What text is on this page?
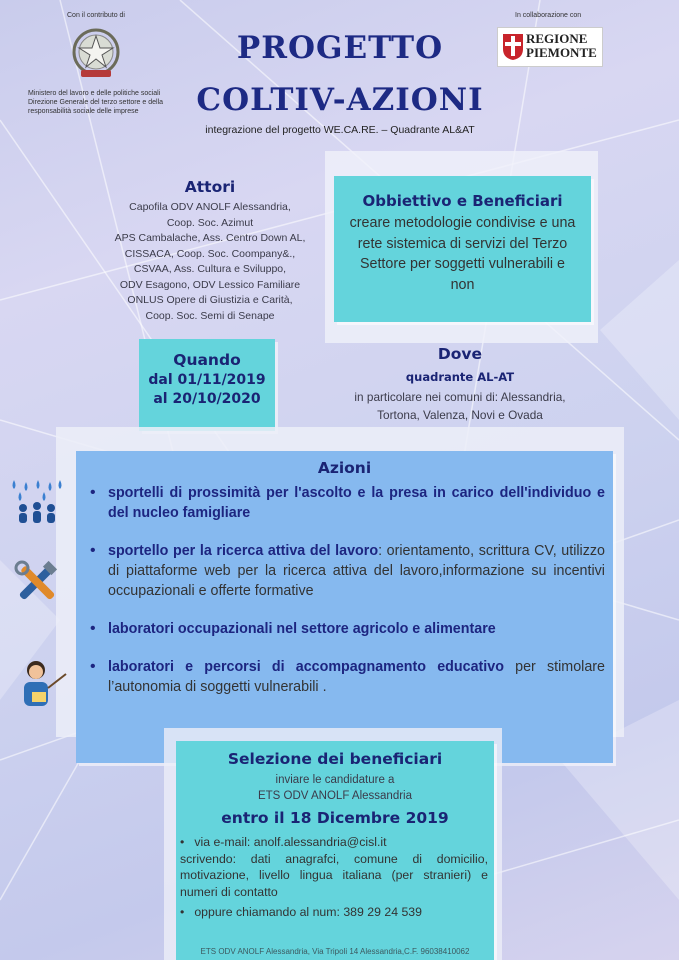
Con il contributo di
Ministero del lavoro e delle politiche sociali
Direzione Generale del terzo settore e della
responsabilità sociale delle imprese
In collaborazione con
REGIONE
PIEMONTE
PROGETTO
COLTIV-AZIONI
integrazione del progetto WE.CA.RE. – Quadrante AL&AT
Attori
Capofila ODV ANOLF Alessandria,
Coop. Soc. Azimut
APS Cambalache, Ass. Centro Down AL,
CISSACA, Coop. Soc. Coompany&.,
CSVAA, Ass. Cultura e Sviluppo,
ODV Esagono, ODV Lessico Familiare
ONLUS Opere di Giustizia e Carità,
Coop. Soc. Semi di Senape
Obbiettivo e Beneficiari
creare metodologie condivise e una
rete sistemica di servizi del Terzo
Settore per soggetti vulnerabili e
non
Quando
dal 01/11/2019
al 20/10/2020
Dove
quadrante AL-AT
in particolare nei comuni di: Alessandria,
Tortona, Valenza, Novi e Ovada
Azioni
• sportelli di prossimità per l'ascolto e la presa in carico dell'individuo e del nucleo famigliare
• sportello per la ricerca attiva del lavoro: orientamento, scrittura CV, utilizzo di piattaforme web per la ricerca attiva del lavoro,informazione su incentivi occupazionali e offerte formative
• laboratori occupazionali nel settore agricolo e alimentare
• laboratori e percorsi di accompagnamento educativo per stimolare l’autonomia di soggetti vulnerabili .
Selezione dei beneficiari
inviare le candidature a
ETS ODV ANOLF Alessandria
entro il 18 Dicembre 2019
• via e-mail: anolf.alessandria@cisl.it
scrivendo: dati anagrafci, comune di domicilio, motivazione, livello lingua italiana (per stranieri) e numeri di contatto
• oppure chiamando al num: 389 29 24 539
ETS ODV ANOLF Alessandria, Via Tripoli 14 Alessandria,C.F. 96038410062
